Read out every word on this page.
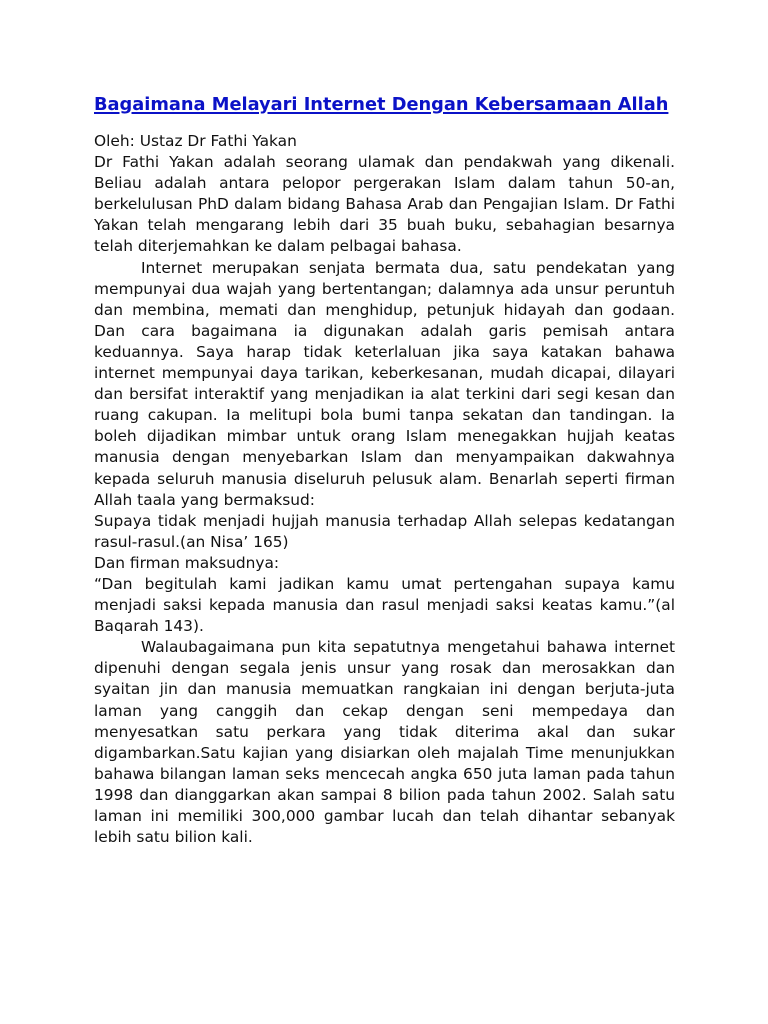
Bagaimana Melayari Internet Dengan Kebersamaan Allah

Oleh: Ustaz Dr Fathi Yakan

Dr Fathi Yakan adalah seorang ulamak dan pendakwah yang dikenali. Beliau adalah antara pelopor pergerakan Islam dalam tahun 50-an, berkelulusan PhD dalam bidang Bahasa Arab dan Pengajian Islam. Dr Fathi Yakan telah mengarang lebih dari 35 buah buku, sebahagian besarnya telah diterjemahkan ke dalam pelbagai bahasa.

Internet merupakan senjata bermata dua, satu pendekatan yang mempunyai dua wajah yang bertentangan; dalamnya ada unsur peruntuh dan membina, memati dan menghidup, petunjuk hidayah dan godaan. Dan cara bagaimana ia digunakan adalah garis pemisah antara keduannya. Saya harap tidak keterlaluan jika saya katakan bahawa internet mempunyai daya tarikan, keberkesanan, mudah dicapai, dilayari dan bersifat interaktif yang menjadikan ia alat terkini dari segi kesan dan ruang cakupan. Ia melitupi bola bumi tanpa sekatan dan tandingan. Ia boleh dijadikan mimbar untuk orang Islam menegakkan hujjah keatas manusia dengan menyebarkan Islam dan menyampaikan dakwahnya kepada seluruh manusia diseluruh pelusuk alam. Benarlah seperti firman Allah taala yang bermaksud:

Supaya tidak menjadi hujjah manusia terhadap Allah selepas kedatangan rasul-rasul.(an Nisa’ 165)

Dan firman maksudnya:

“Dan begitulah kami jadikan kamu umat pertengahan supaya kamu menjadi saksi kepada manusia dan rasul menjadi saksi keatas kamu.”(al Baqarah 143).

Walaubagaimana pun kita sepatutnya mengetahui bahawa internet dipenuhi dengan segala jenis unsur yang rosak dan merosakkan dan syaitan jin dan manusia memuatkan rangkaian ini dengan berjuta-juta laman yang canggih dan cekap dengan seni mempedaya dan menyesatkan satu perkara yang tidak diterima akal dan sukar digambarkan.Satu kajian yang disiarkan oleh majalah Time menunjukkan bahawa bilangan laman seks mencecah angka 650 juta laman pada tahun 1998 dan dianggarkan akan sampai 8 bilion pada tahun 2002. Salah satu laman ini memiliki 300,000 gambar lucah dan telah dihantar sebanyak lebih satu bilion kali.
